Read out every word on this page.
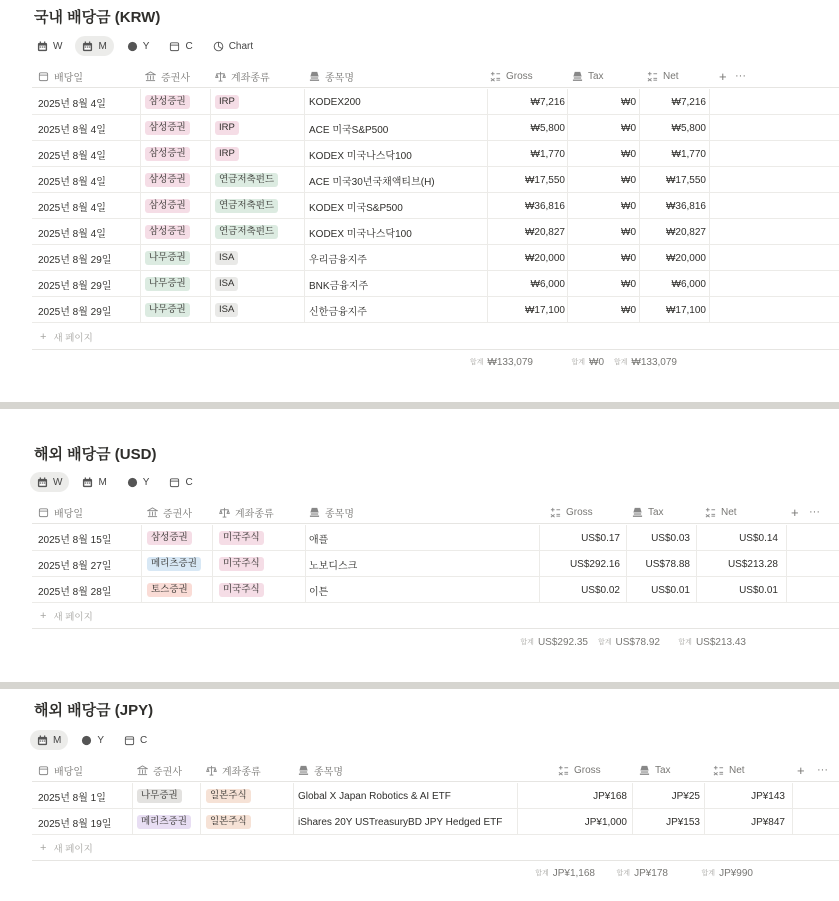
국내 배당금 (KRW)
W	M	Y	C	Chart
배당일	증권사	계좌종류	종목명	Gross	Tax	Net	+ ···
2025년 8월 4일	삼성증권	IRP	KODEX200	₩7,216	₩0	₩7,216
2025년 8월 4일	삼성증권	IRP	ACE 미국S&P500	₩5,800	₩0	₩5,800
2025년 8월 4일	삼성증권	IRP	KODEX 미국나스닥100	₩1,770	₩0	₩1,770
2025년 8월 4일	삼성증권	연금저축펀드	ACE 미국30년국채액티브(H)	₩17,550	₩0	₩17,550
2025년 8월 4일	삼성증권	연금저축펀드	KODEX 미국S&P500	₩36,816	₩0	₩36,816
2025년 8월 4일	삼성증권	연금저축펀드	KODEX 미국나스닥100	₩20,827	₩0	₩20,827
2025년 8월 29일	나무증권	ISA	우리금융지주	₩20,000	₩0	₩20,000
2025년 8월 29일	나무증권	ISA	BNK금융지주	₩6,000	₩0	₩6,000
2025년 8월 29일	나무증권	ISA	신한금융지주	₩17,100	₩0	₩17,100
+ 새 페이지
합계 ₩133,079	합계 ₩0 합계 ₩133,079
해외 배당금 (USD)
W	M	Y	C
배당일	증권사	계좌종류	종목명	Gross	Tax	Net	+ ···
2025년 8월 15일	삼성증권	미국주식	애플	US$0.17	US$0.03	US$0.14
2025년 8월 27일	메리츠증권	미국주식	노보디스크	US$292.16	US$78.88	US$213.28
2025년 8월 28일	토스증권	미국주식	이튼	US$0.02	US$0.01	US$0.01
+ 새 페이지
합계 US$292.35 합계 US$78.92	합계 US$213.43
해외 배당금 (JPY)
M	Y	C
배당일	증권사	계좌종류	종목명	Gross	Tax	Net	+ ···
2025년 8월 1일	나무증권	일본주식	Global X Japan Robotics & AI ETF	JP¥168	JP¥25	JP¥143
2025년 8월 19일	메리츠증권	일본주식	iShares 20Y USTreasuryBD JPY Hedged ETF	JP¥1,000	JP¥153	JP¥847
+ 새 페이지
합계 JP¥1,168	합계 JP¥178	합계 JP¥990
